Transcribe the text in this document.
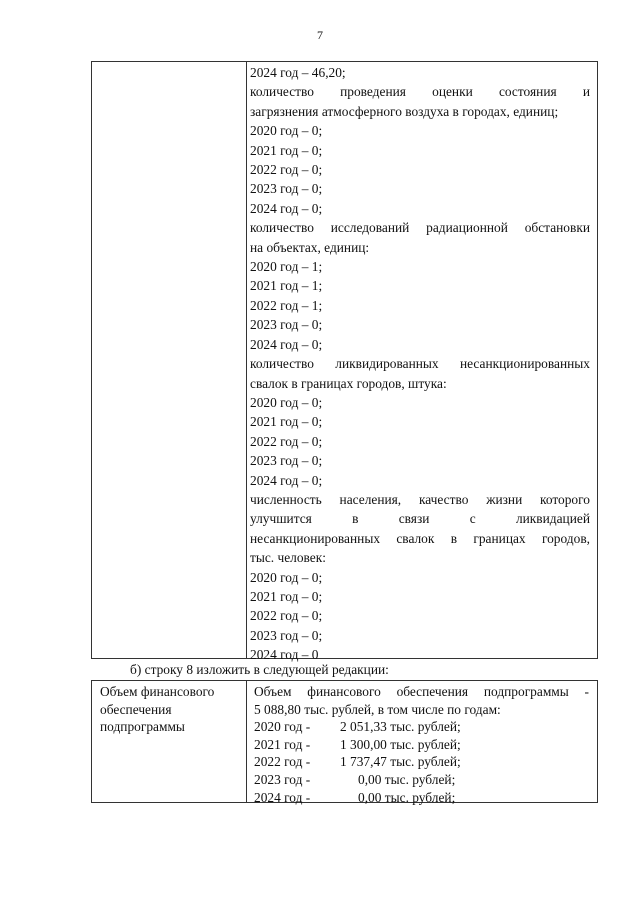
7
2024 год – 46,20;
количество проведения оценки состояния и
загрязнения атмосферного воздуха в городах, единиц;
2020 год – 0;
2021 год – 0;
2022 год – 0;
2023 год – 0;
2024 год – 0;
количество исследований радиационной обстановки
на объектах, единиц:
2020 год – 1;
2021 год – 1;
2022 год – 1;
2023 год – 0;
2024 год – 0;
количество ликвидированных несанкционированных
свалок в границах городов, штука:
2020 год – 0;
2021 год – 0;
2022 год – 0;
2023 год – 0;
2024 год – 0;
численность населения, качество жизни которого
улучшится в связи с ликвидацией
несанкционированных свалок в границах городов,
тыс. человек:
2020 год – 0;
2021 год – 0;
2022 год – 0;
2023 год – 0;
2024 год – 0
б) строку 8 изложить в следующей редакции:
Объем финансового
обеспечения
подпрограммы
Объем финансового обеспечения подпрограммы -
5 088,80 тыс. рублей, в том числе по годам:
2020 год - 2 051,33 тыс. рублей;
2021 год - 1 300,00 тыс. рублей;
2022 год - 1 737,47 тыс. рублей;
2023 год -	0,00 тыс. рублей;
2024 год -	0,00 тыс. рублей;
